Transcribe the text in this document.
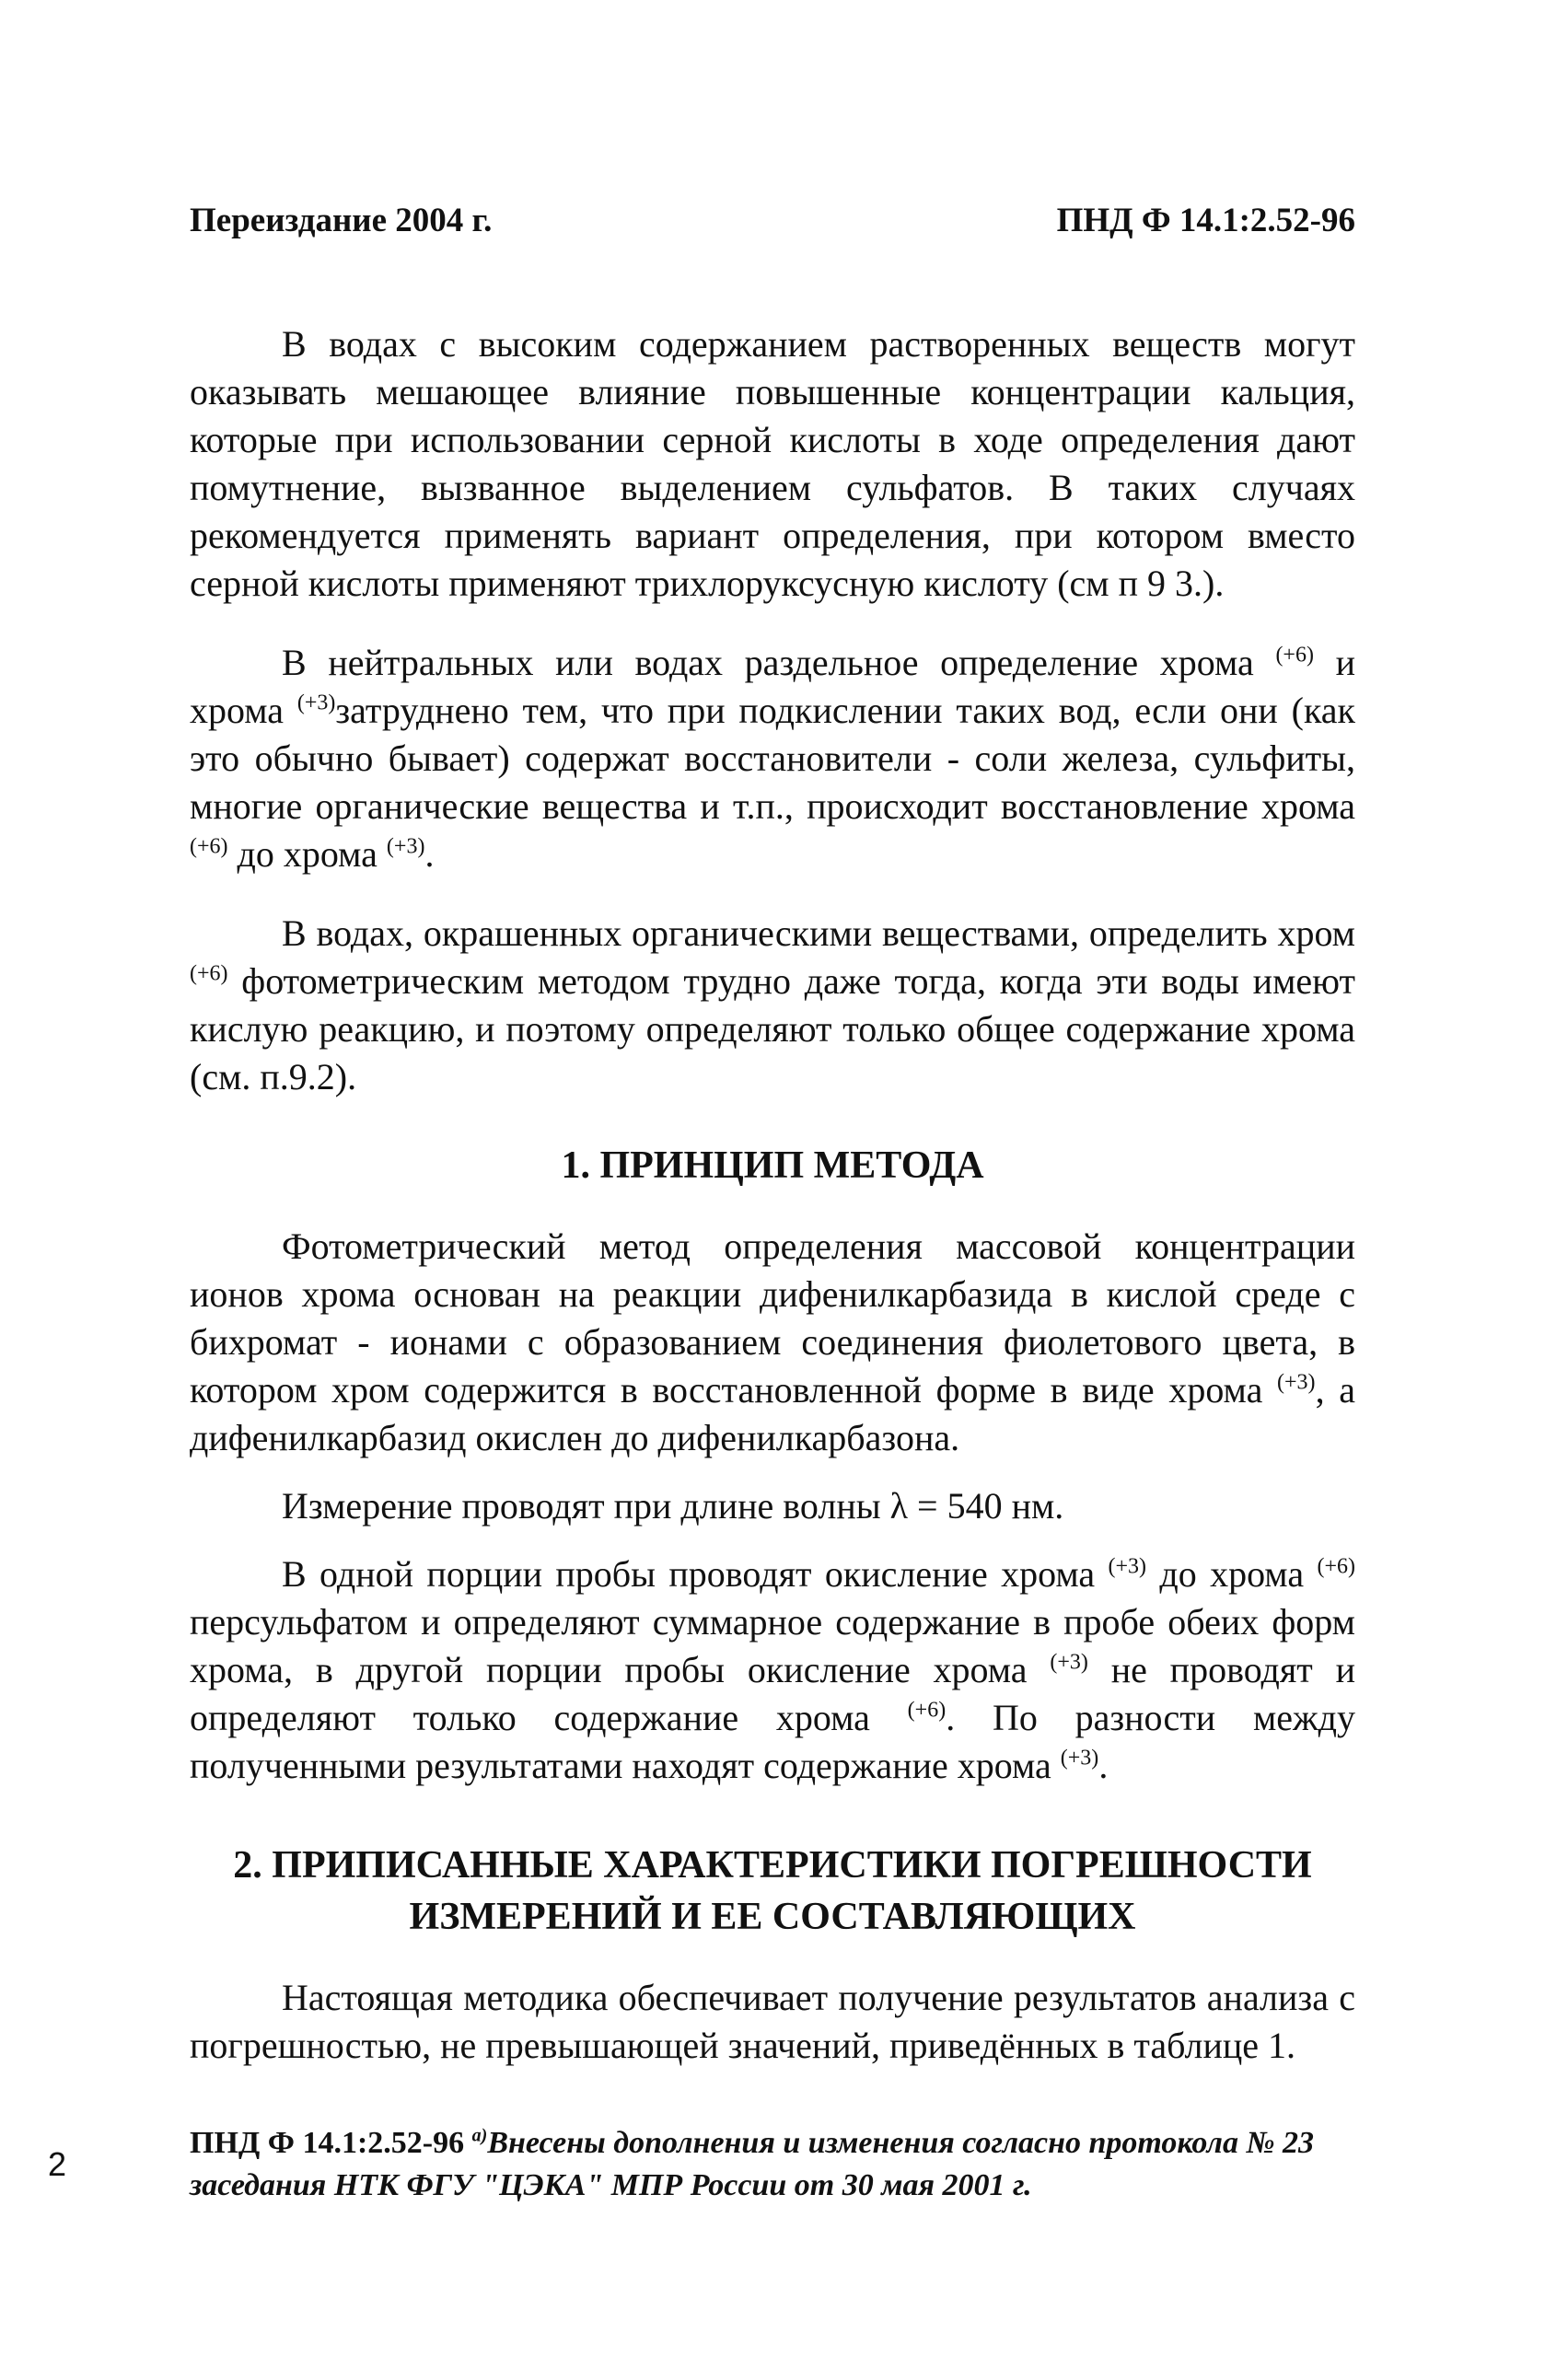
Переиздание 2004 г.	ПНД Ф 14.1:2.52-96

В водах с высоким содержанием растворенных веществ могут оказывать мешающее влияние повышенные концентрации кальция, которые при использовании серной кислоты в ходе определения дают помутнение, вызванное выделением сульфатов. В таких случаях рекомендуется применять вариант определения, при котором вместо серной кислоты применяют трихлоруксусную кислоту (см п 9 3.).

В нейтральных или водах раздельное определение хрома $^{(+6)}$ и хрома $^{(+3)}$затруднено тем, что при подкислении таких вод, если они (как это обычно бывает) содержат восстановители - соли железа, сульфиты, многие органические вещества и т.п., происходит восстановление хрома $^{(+6)}$ до хрома $^{(+3)}$.

В водах, окрашенных органическими веществами, определить хром $^{(+6)}$ фотометрическим методом трудно даже тогда, когда эти воды имеют кислую реакцию, и поэтому определяют только общее содержание хрома (см. п.9.2).

1. ПРИНЦИП МЕТОДА

Фотометрический метод определения массовой концентрации ионов хрома основан на реакции дифенилкарбазида в кислой среде с бихромат - ионами с образованием соединения фиолетового цвета, в котором хром содержится в восстановленной форме в виде хрома $^{(+3)}$, а дифенилкарбазид окислен до дифенилкарбазона.

Измерение проводят при длине волны λ = 540 нм.

В одной порции пробы проводят окисление хрома $^{(+3)}$ до хрома $^{(+6)}$ персульфатом и определяют суммарное содержание в пробе обеих форм хрома, в другой порции пробы окисление хрома $^{(+3)}$ не проводят и определяют только содержание хрома $^{(+6)}$. По разности между полученными результатами находят содержание хрома $^{(+3)}$.

2. ПРИПИСАННЫЕ ХАРАКТЕРИСТИКИ ПОГРЕШНОСТИ
ИЗМЕРЕНИЙ И ЕЕ СОСТАВЛЯЮЩИХ

Настоящая методика обеспечивает получение результатов анализа с погрешностью, не превышающей значений, приведённых в таблице 1.

ПНД Ф 14.1:2.52-96 $^{а)}$Внесены дополнения и изменения согласно протокола № 23 заседания НТК ФГУ "ЦЭКА" МПР России от 30 мая 2001 г.
2
